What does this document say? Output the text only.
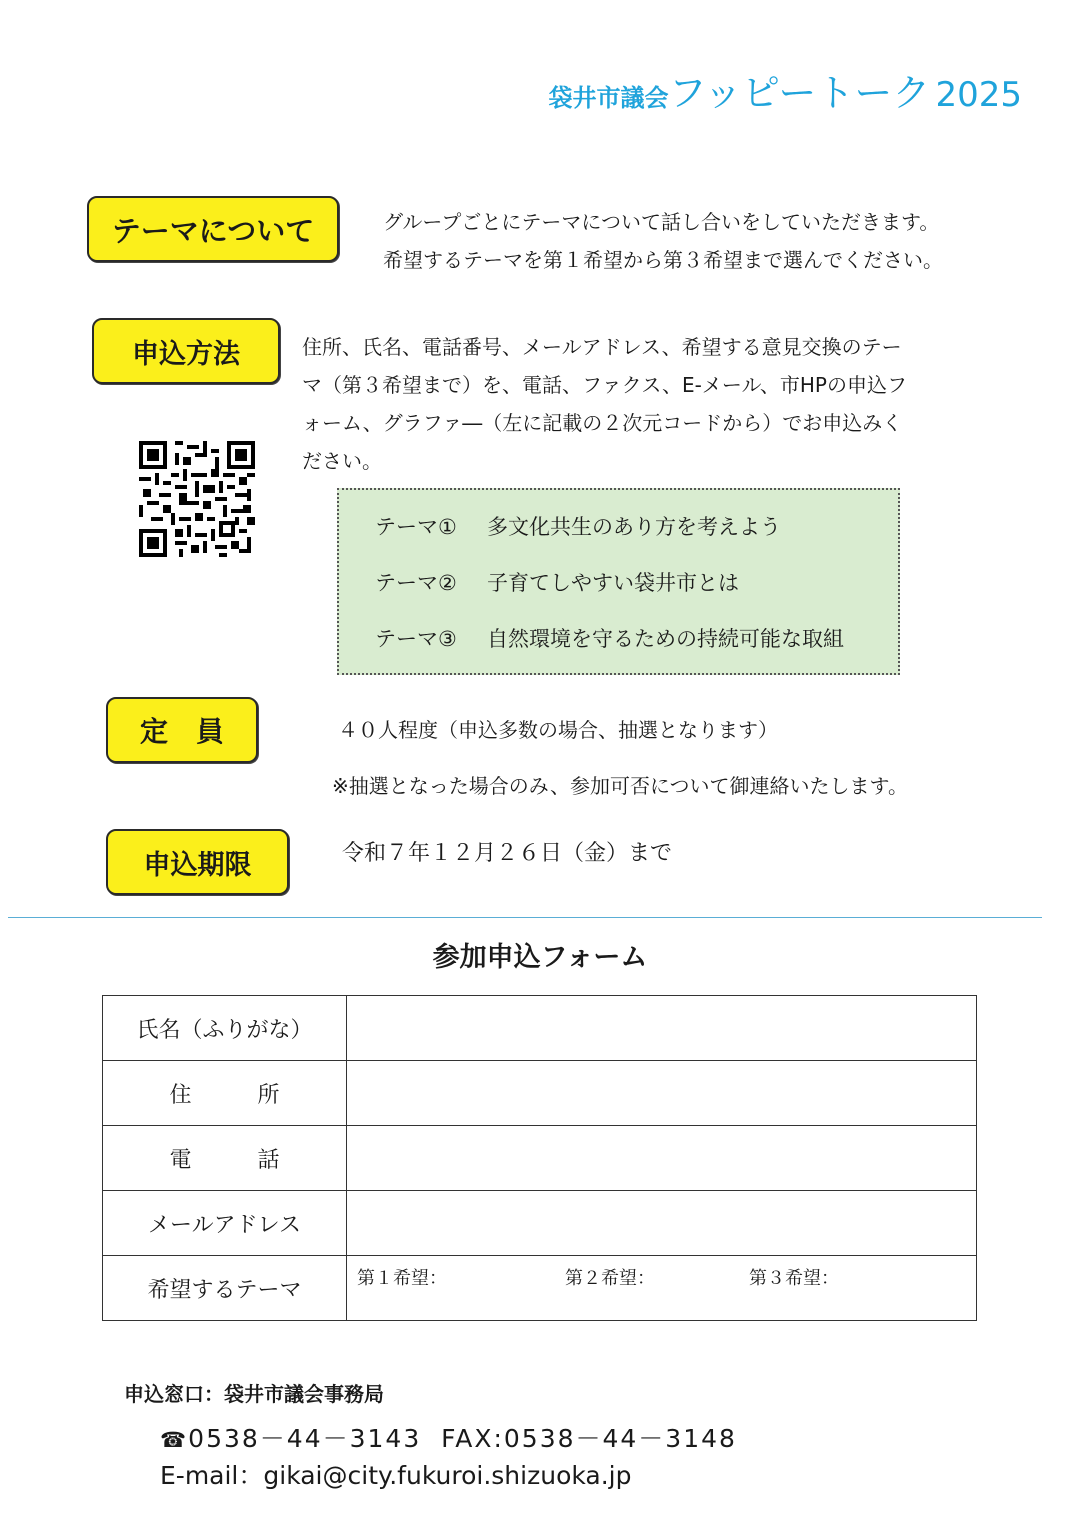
袋井市議会フッピートーク 2025
テーマについて	グループごとにテーマについて話し合いをしていただきます。
希望するテーマを第１希望から第３希望まで選んでください。
申込方法	住所、氏名、電話番号、メールアドレス、希望する意見交換のテー
マ（第３希望まで）を、電話、ファクス、E-メール、市HPの申込フ
ォーム、グラファ―（左に記載の２次元コードから）でお申込みく
ださい。
テーマ① 多文化共生のあり方を考えよう
テーマ② 子育てしやすい袋井市とは
テーマ③ 自然環境を守るための持続可能な取組
定　員	４０人程度（申込多数の場合、抽選となります）
※抽選となった場合のみ、参加可否について御連絡いたします。
申込期限	令和７年１２月２６日（金）まで
参加申込フォーム
氏名（ふりがな）	
住　　　所	
電　　　話	
メールアドレス	
希望するテーマ	第１希望： 第２希望： 第３希望：
申込窓口：袋井市議会事務局
☎0538－44－3143 FAX:0538－44－3148
E-mail：gikai@city.fukuroi.shizuoka.jp
